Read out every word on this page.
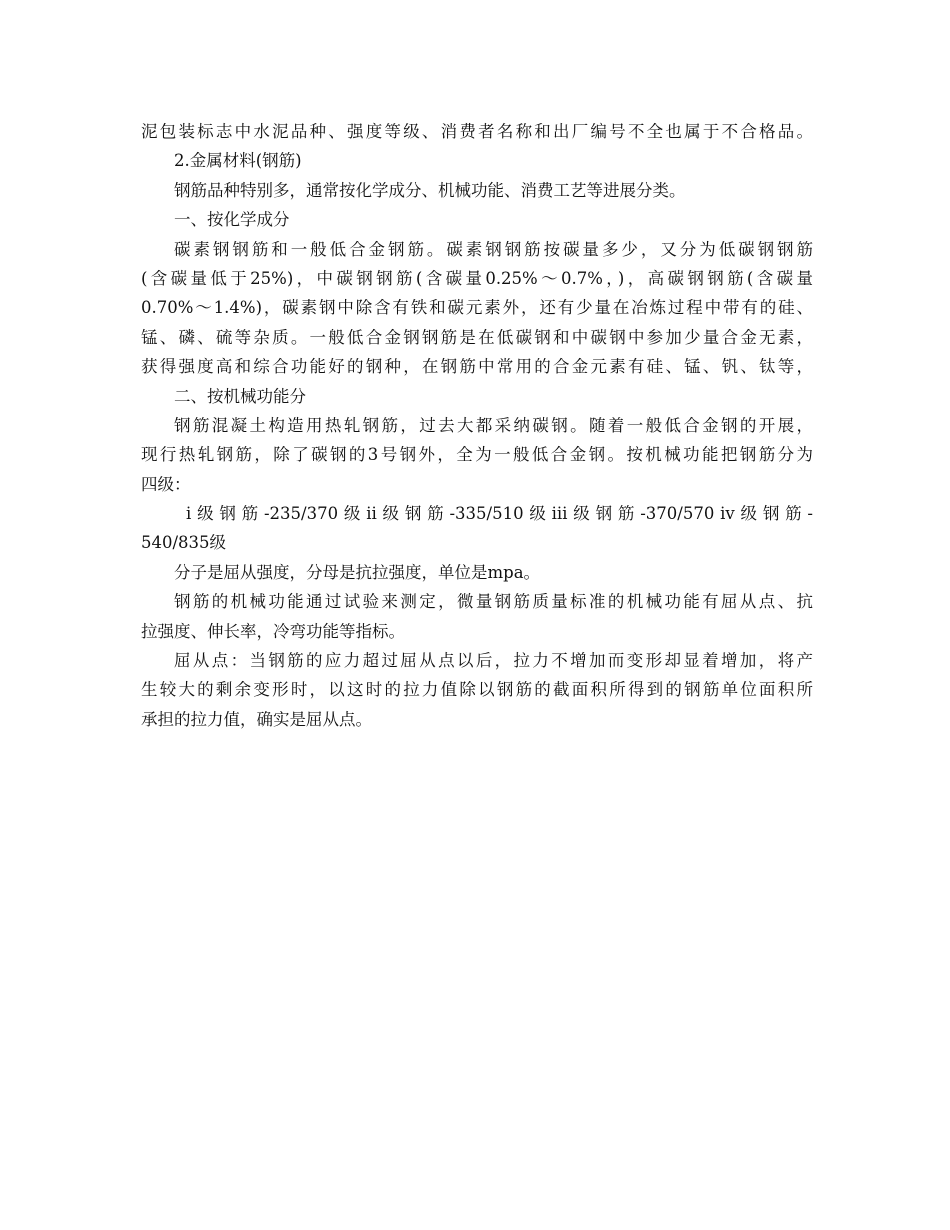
泥包装标志中水泥品种、强度等级、消费者名称和出厂编号不全也属于不合格品。
2.金属材料(钢筋)
钢筋品种特别多，通常按化学成分、机械功能、消费工艺等进展分类。
一、按化学成分
碳素钢钢筋和一般低合金钢筋。碳素钢钢筋按碳量多少，又分为低碳钢钢筋
(含碳量低于25%)，中碳钢钢筋(含碳量0.25%～0.7%，)，高碳钢钢筋(含碳量
0.70%～1.4%)，碳素钢中除含有铁和碳元素外，还有少量在冶炼过程中带有的硅、
锰、磷、硫等杂质。一般低合金钢钢筋是在低碳钢和中碳钢中参加少量合金无素，
获得强度高和综合功能好的钢种，在钢筋中常用的合金元素有硅、锰、钒、钛等，
二、按机械功能分
钢筋混凝土构造用热轧钢筋，过去大都采纳碳钢。随着一般低合金钢的开展，
现行热轧钢筋，除了碳钢的3号钢外，全为一般低合金钢。按机械功能把钢筋分为
四级：
ⅰ级钢筋-235/370级ⅱ级钢筋-335/510级ⅲ级钢筋-370/570ⅳ级钢筋-
540/835级
分子是屈从强度，分母是抗拉强度，单位是mpa。
钢筋的机械功能通过试验来测定，微量钢筋质量标准的机械功能有屈从点、抗
拉强度、伸长率，冷弯功能等指标。
屈从点：当钢筋的应力超过屈从点以后，拉力不增加而变形却显着增加，将产
生较大的剩余变形时，以这时的拉力值除以钢筋的截面积所得到的钢筋单位面积所
承担的拉力值，确实是屈从点。
